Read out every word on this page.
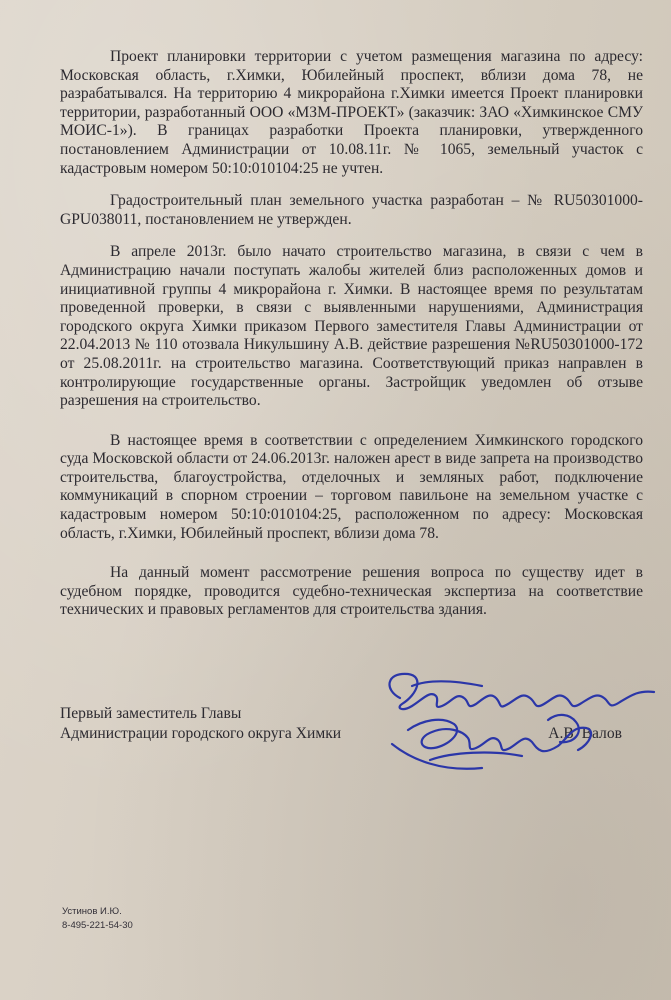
Проект планировки территории с учетом размещения магазина по адресу: Московская область, г.Химки, Юбилейный проспект, вблизи дома 78, не разрабатывался. На территорию 4 микрорайона г.Химки имеется Проект планировки территории, разработанный ООО «МЗМ-ПРОЕКТ» (заказчик: ЗАО «Химкинское СМУ МОИС-1»). В границах разработки Проекта планировки, утвержденного постановлением Администрации от 10.08.11г. № 1065, земельный участок с кадастровым номером 50:10:010104:25 не учтен.

Градостроительный план земельного участка разработан – № RU50301000-GPU038011, постановлением не утвержден.

В апреле 2013г. было начато строительство магазина, в связи с чем в Администрацию начали поступать жалобы жителей близ расположенных домов и инициативной группы 4 микрорайона г. Химки. В настоящее время по результатам проведенной проверки, в связи с выявленными нарушениями, Администрация городского округа Химки приказом Первого заместителя Главы Администрации от 22.04.2013 № 110 отозвала Никульшину А.В. действие разрешения №RU50301000-172 от 25.08.2011г. на строительство магазина. Соответствующий приказ направлен в контролирующие государственные органы. Застройщик уведомлен об отзыве разрешения на строительство.

В настоящее время в соответствии с определением Химкинского городского суда Московской области от 24.06.2013г. наложен арест в виде запрета на производство строительства, благоустройства, отделочных и земляных работ, подключение коммуникаций в спорном строении – торговом павильоне на земельном участке с кадастровым номером 50:10:010104:25, расположенном по адресу: Московская область, г.Химки, Юбилейный проспект, вблизи дома 78.

На данный момент рассмотрение решения вопроса по существу идет в судебном порядке, проводится судебно-техническая экспертиза на соответствие технических и правовых регламентов для строительства здания.

Первый заместитель Главы
Администрации городского округа Химки	А.В. Валов
Устинов И.Ю.
8-495-221-54-30
